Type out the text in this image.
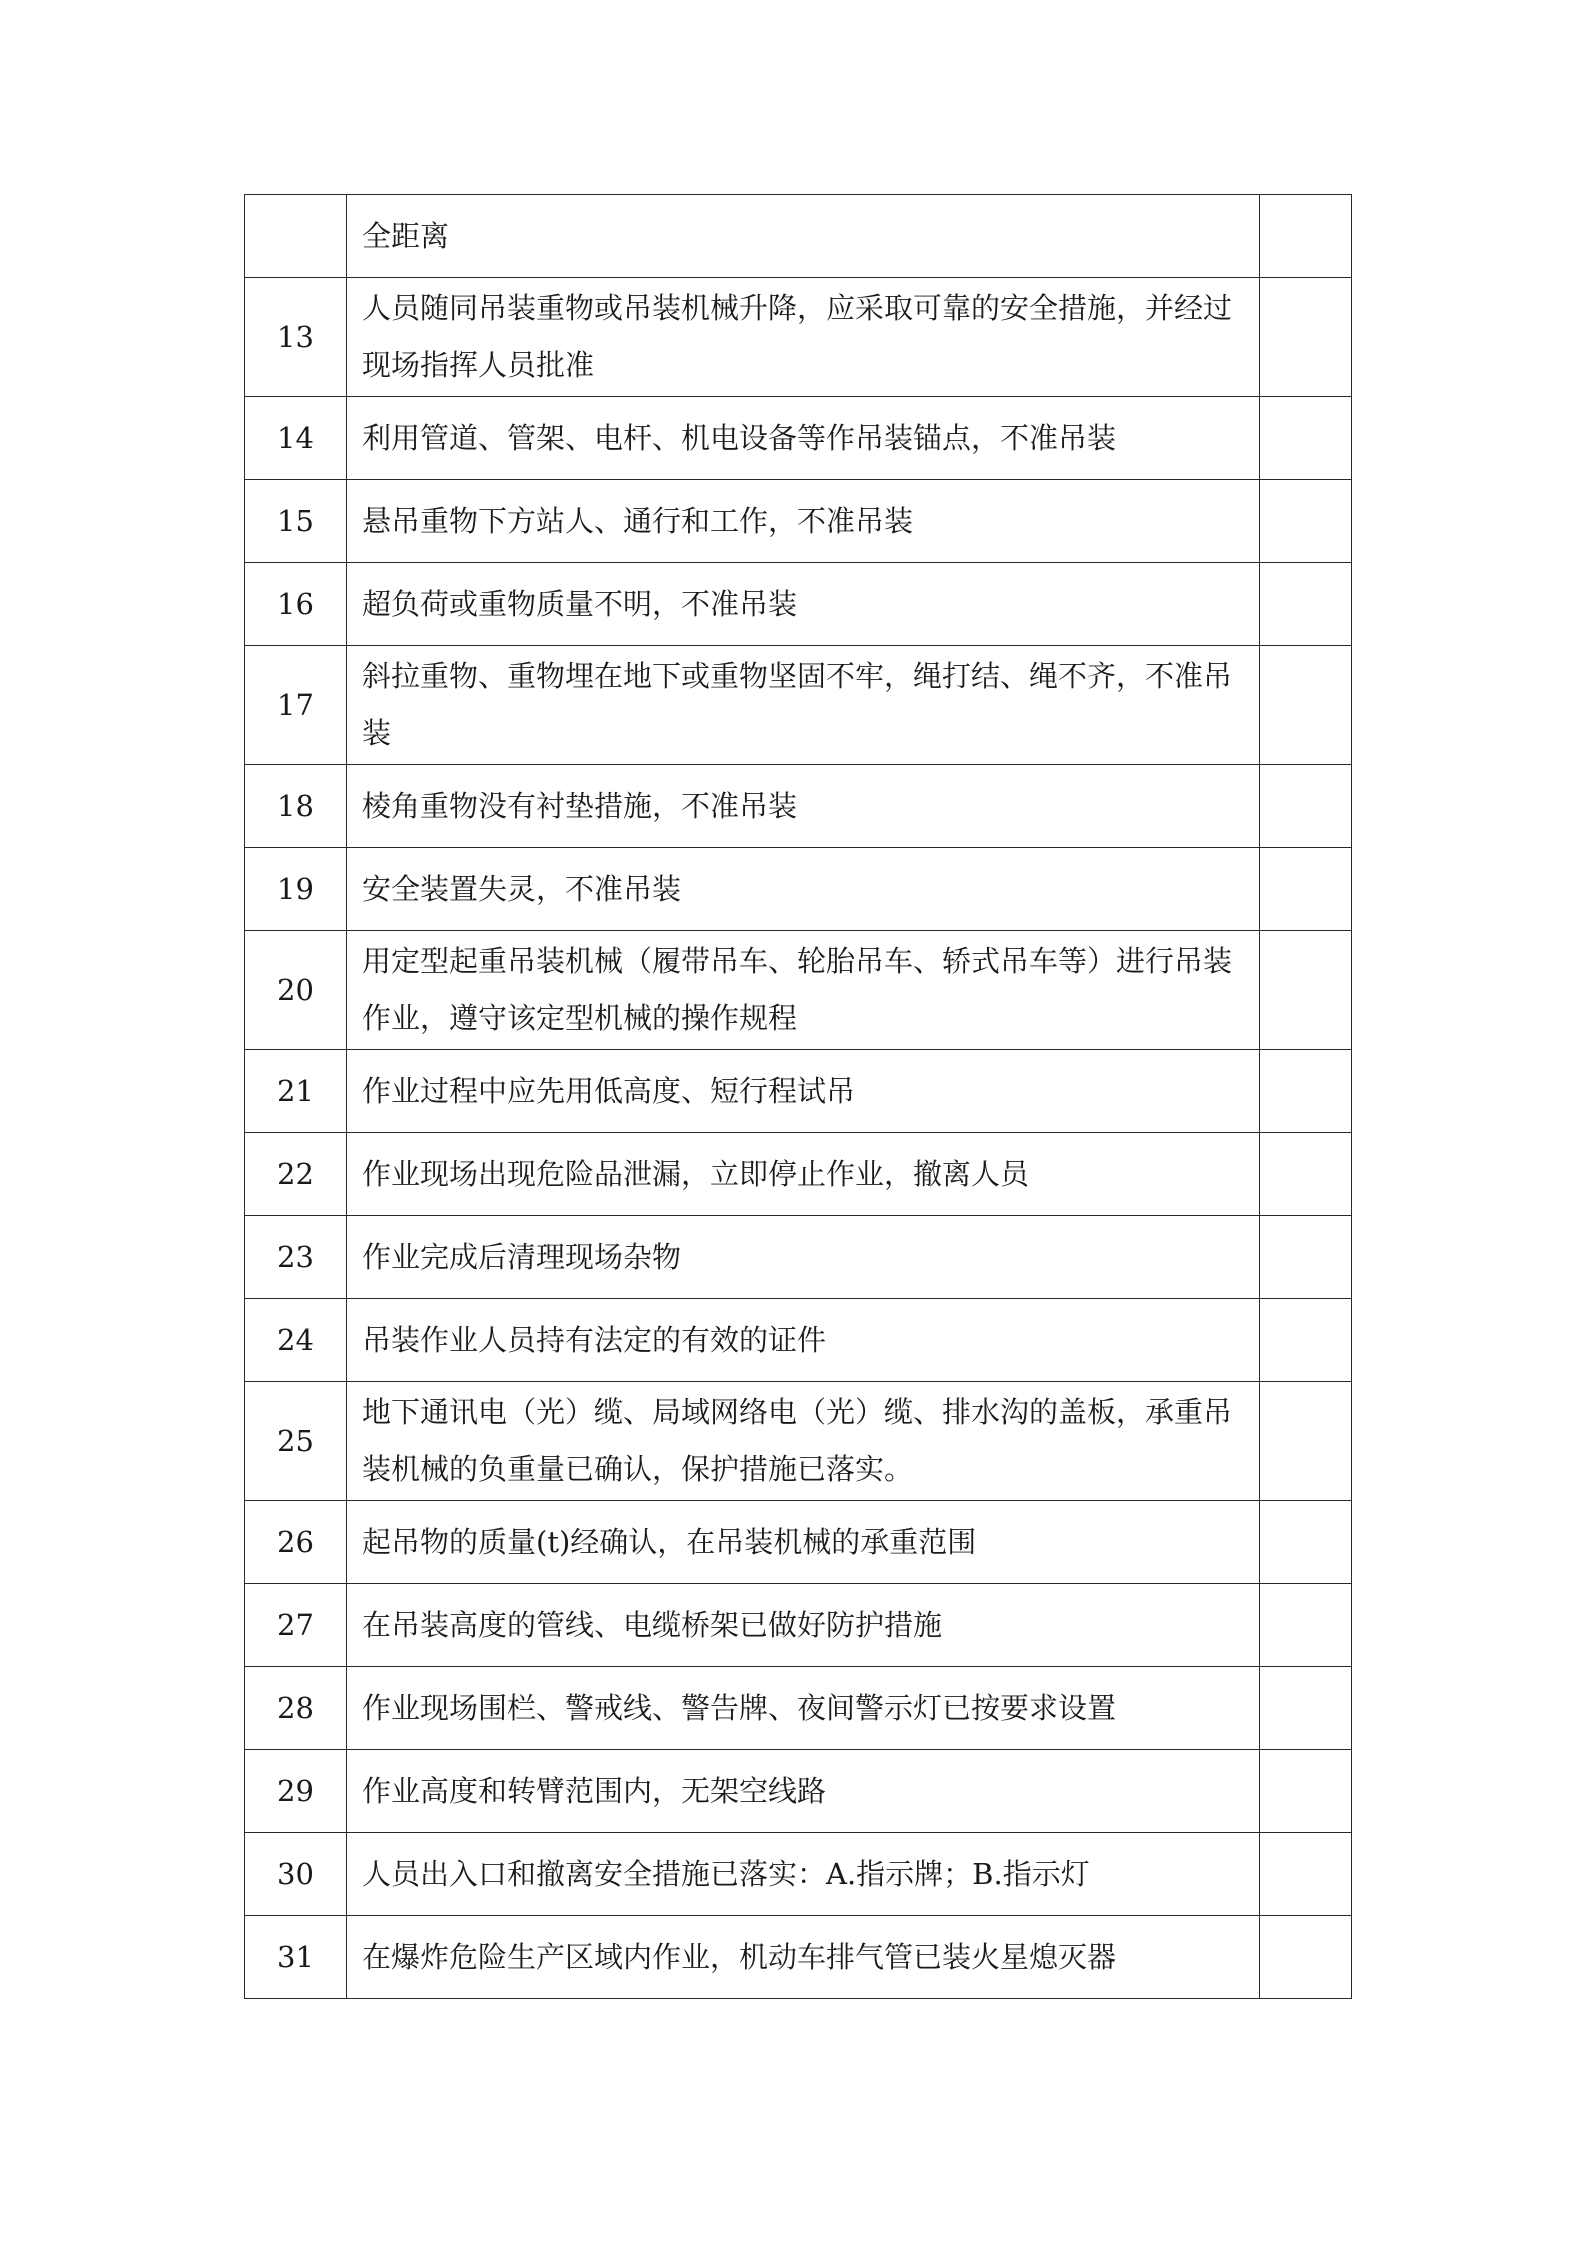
	全距离	
13	人员随同吊装重物或吊装机械升降，应采取可靠的安全措施，并经过现场指挥人员批准	
14	利用管道、管架、电杆、机电设备等作吊装锚点，不准吊装	
15	悬吊重物下方站人、通行和工作，不准吊装	
16	超负荷或重物质量不明，不准吊装	
17	斜拉重物、重物埋在地下或重物坚固不牢，绳打结、绳不齐，不准吊装	
18	棱角重物没有衬垫措施，不准吊装	
19	安全装置失灵，不准吊装	
20	用定型起重吊装机械（履带吊车、轮胎吊车、轿式吊车等）进行吊装作业，遵守该定型机械的操作规程	
21	作业过程中应先用低高度、短行程试吊	
22	作业现场出现危险品泄漏，立即停止作业，撤离人员	
23	作业完成后清理现场杂物	
24	吊装作业人员持有法定的有效的证件	
25	地下通讯电（光）缆、局域网络电（光）缆、排水沟的盖板，承重吊装机械的负重量已确认，保护措施已落实。	
26	起吊物的质量(t)经确认，在吊装机械的承重范围	
27	在吊装高度的管线、电缆桥架已做好防护措施	
28	作业现场围栏、警戒线、警告牌、夜间警示灯已按要求设置	
29	作业高度和转臂范围内，无架空线路	
30	人员出入口和撤离安全措施已落实：A.指示牌；B.指示灯	
31	在爆炸危险生产区域内作业，机动车排气管已装火星熄灭器	
